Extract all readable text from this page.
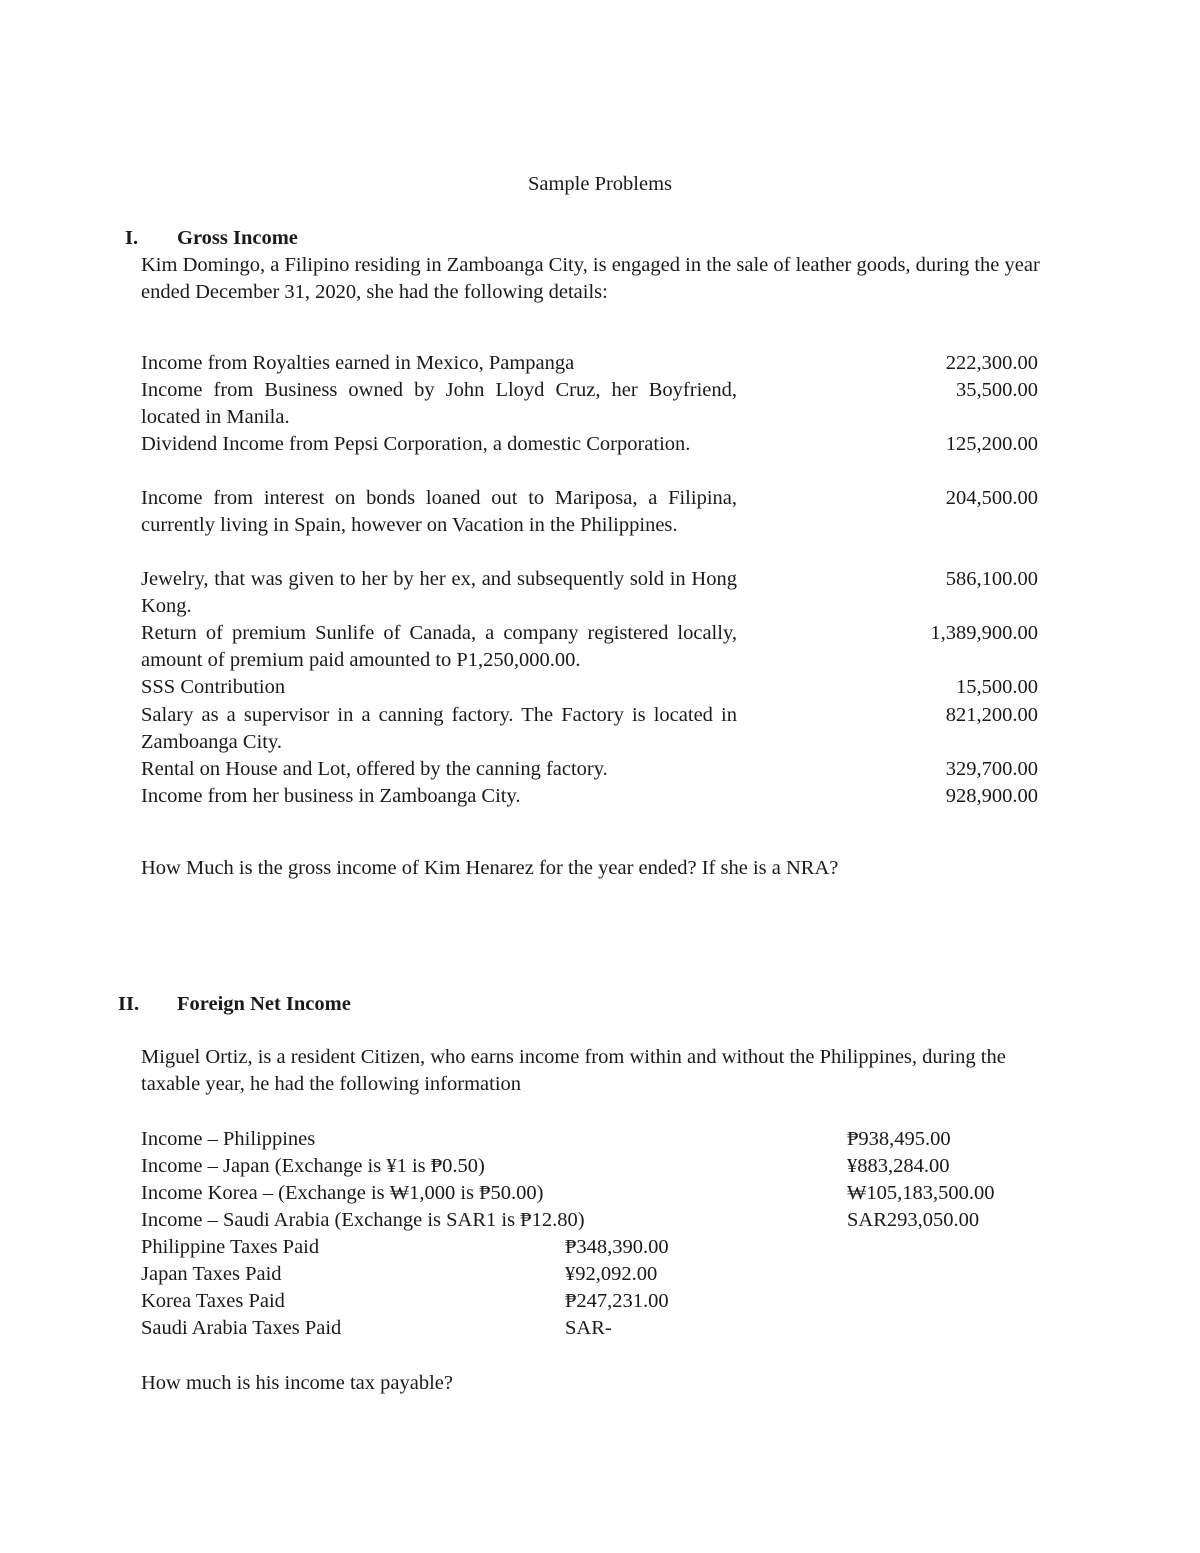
Sample Problems
I. Gross Income
Kim Domingo, a Filipino residing in Zamboanga City, is engaged in the sale of leather goods, during the year ended December 31, 2020, she had the following details:
Income from Royalties earned in Mexico, Pampanga	222,300.00
Income from Business owned by John Lloyd Cruz, her Boyfriend, located in Manila.
35,500.00
Dividend Income from Pepsi Corporation, a domestic Corporation.	125,200.00
Income from interest on bonds loaned out to Mariposa, a Filipina, currently living in Spain, however on Vacation in the Philippines.
204,500.00
Jewelry, that was given to her by her ex, and subsequently sold in Hong Kong.
586,100.00
Return of premium Sunlife of Canada, a company registered locally, amount of premium paid amounted to P1,250,000.00.
1,389,900.00
SSS Contribution	15,500.00
Salary as a supervisor in a canning factory. The Factory is located in Zamboanga City.
821,200.00
Rental on House and Lot, offered by the canning factory.	329,700.00
Income from her business in Zamboanga City.	928,900.00
How Much is the gross income of Kim Henarez for the year ended? If she is a NRA?
II. Foreign Net Income
Miguel Ortiz, is a resident Citizen, who earns income from within and without the Philippines, during the taxable year, he had the following information
Income – Philippines	₱938,495.00
Income – Japan (Exchange is ¥1 is ₱0.50)	¥883,284.00
Income Korea – (Exchange is ₩1,000 is ₱50.00)	₩105,183,500.00
Income – Saudi Arabia (Exchange is SAR1 is ₱12.80)	SAR293,050.00
Philippine Taxes Paid	₱348,390.00
Japan Taxes Paid	¥92,092.00
Korea Taxes Paid	₱247,231.00
Saudi Arabia Taxes Paid	SAR-
How much is his income tax payable?
